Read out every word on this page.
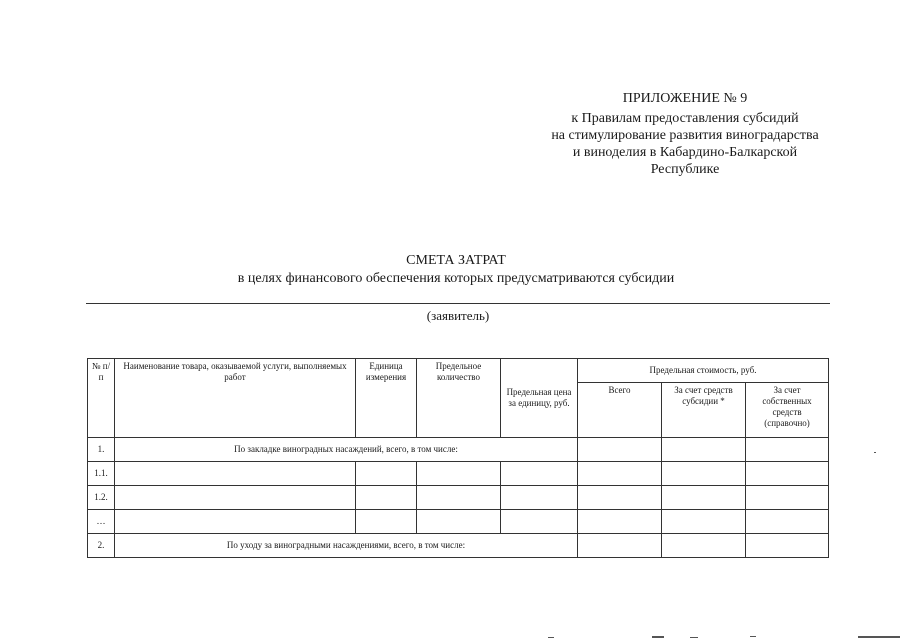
ПРИЛОЖЕНИЕ № 9
к Правилам предоставления субсидий
на стимулирование развития виноградарства
и виноделия в Кабардино-Балкарской
Республике
СМЕТА ЗАТРАТ
в целях финансового обеспечения которых предусматриваются субсидии
(заявитель)
№ п/п	Наименование товара, оказываемой услуги, выполняемых работ	Единица измерения	Предельное количество	Предельная цена за единицу, руб.	Предельная стоимость, руб.		
					Всего	За счет средств субсидии *	За счет собственных средств (справочно)
1.	По закладке виноградных насаждений, всего, в том числе:						
1.1.							
1.2.							
…							
2.	По уходу за виноградными насаждениями, всего, в том числе:						
